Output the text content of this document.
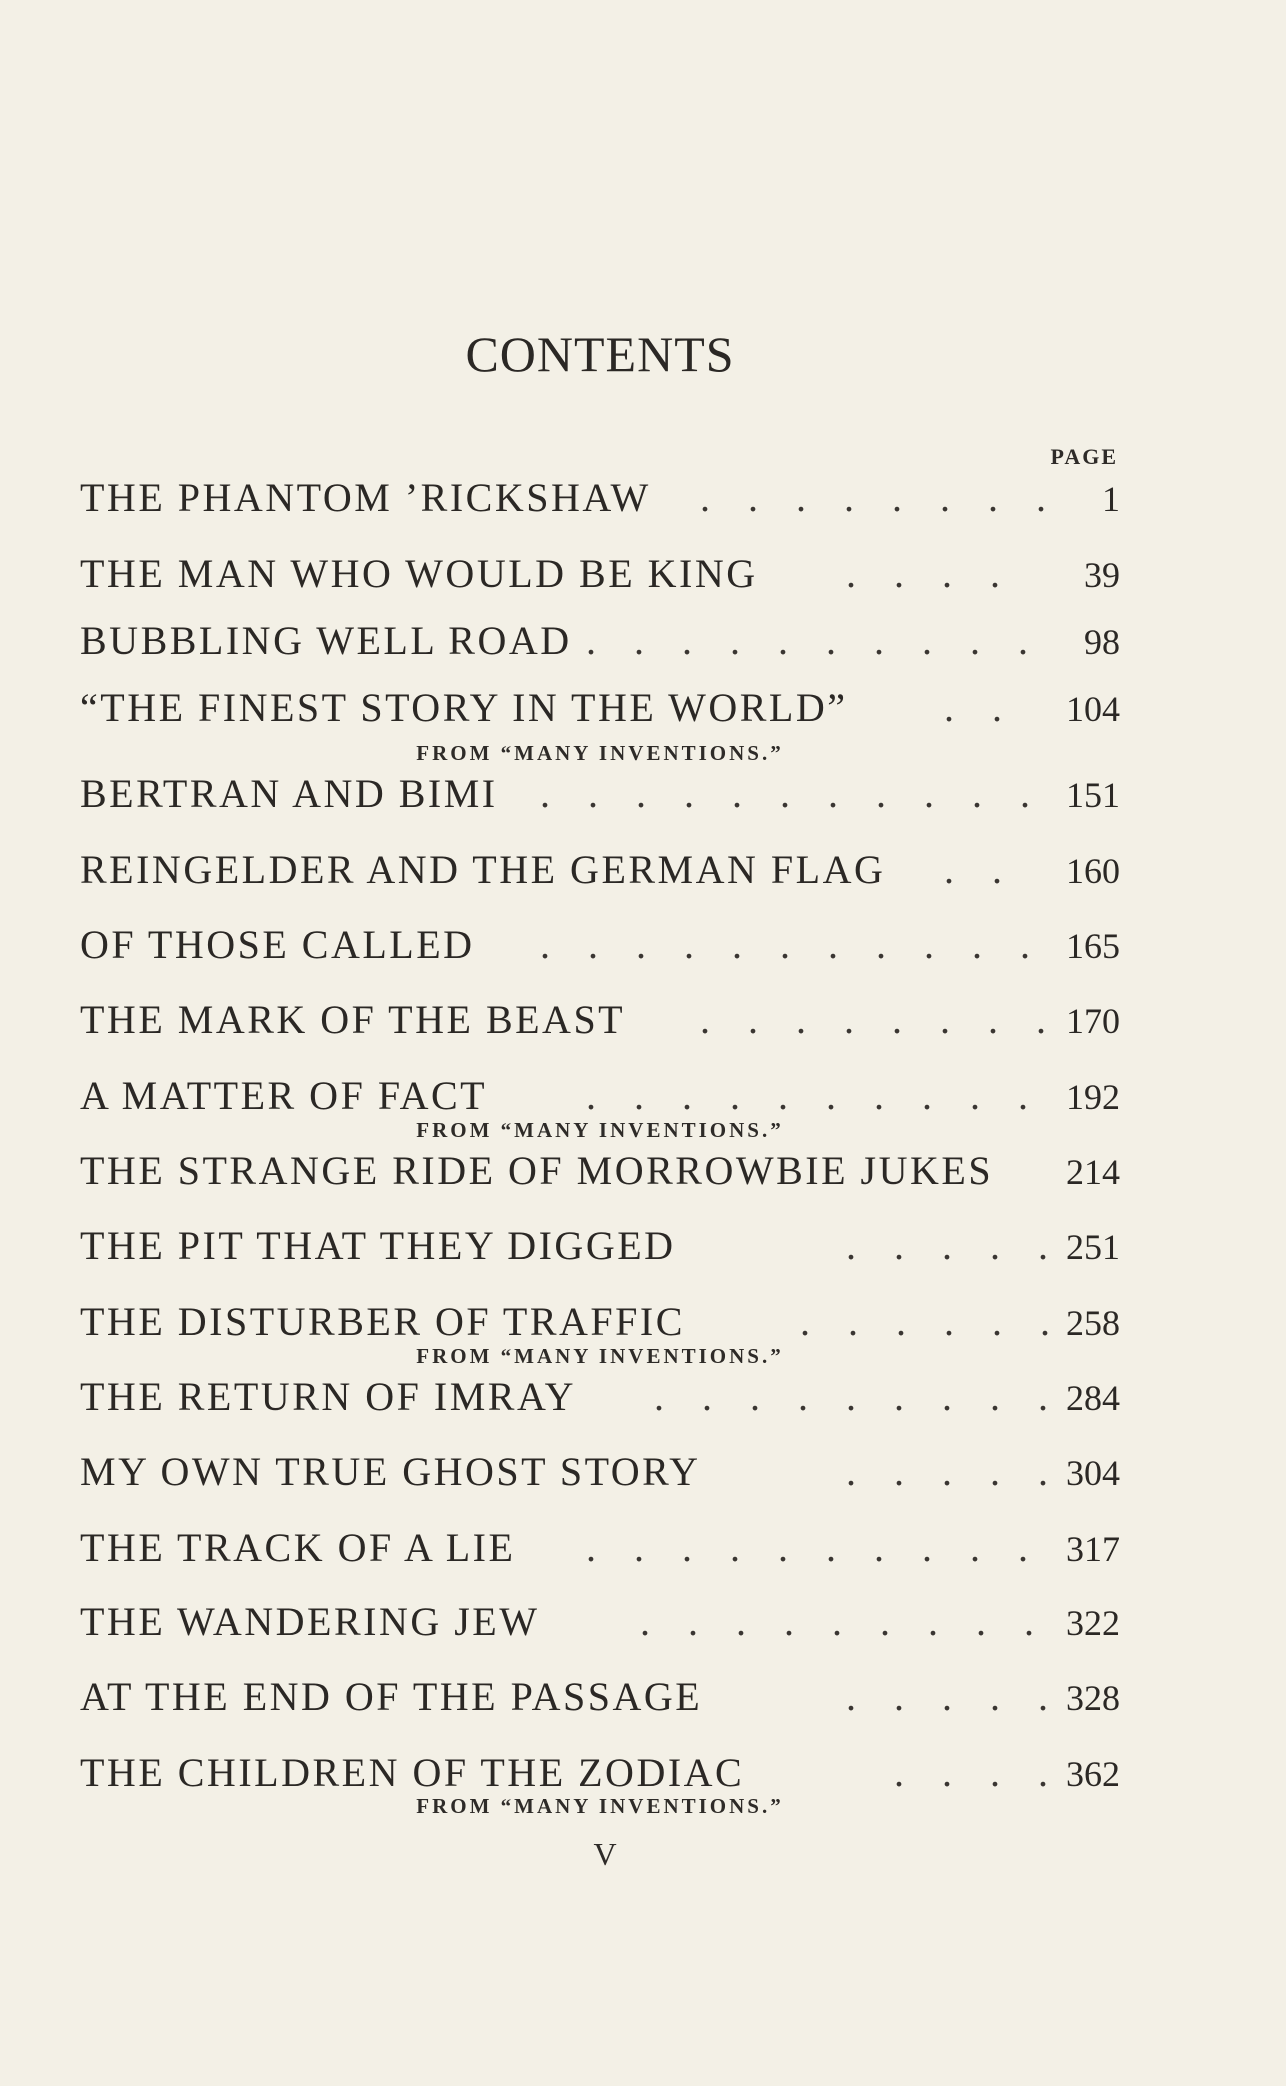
CONTENTS
PAGE
THE PHANTOM ’RICKSHAW . . . . . . . .	1
THE MAN WHO WOULD BE KING . . . .	39
BUBBLING WELL ROAD . . . . . . . . . .	98
“THE FINEST STORY IN THE WORLD” . .	104
FROM “MANY INVENTIONS.”
BERTRAN AND BIMI . . . . . . . . . . . 151
REINGELDER AND THE GERMAN FLAG . .	160
OF THOSE CALLED . . . . . . . . . . . 165
THE MARK OF THE BEAST . . . . . . . . 170
A MATTER OF FACT . . . . . . . . . . 192
FROM “MANY INVENTIONS.”
THE STRANGE RIDE OF MORROWBIE JUKES	214
THE PIT THAT THEY DIGGED	. . . . . 251
THE DISTURBER OF TRAFFIC	. . . . . . 258
FROM “MANY INVENTIONS.”
THE RETURN OF IMRAY . . . . . . . . . 284
MY OWN TRUE GHOST STORY	. . . . . 304
THE TRACK OF A LIE . . . . . . . . . . 317
THE WANDERING JEW	. . . . . . . . . 322
AT THE END OF THE PASSAGE	. . . . . 328
THE CHILDREN OF THE ZODIAC	. . . . 362
FROM “MANY INVENTIONS.”
V
